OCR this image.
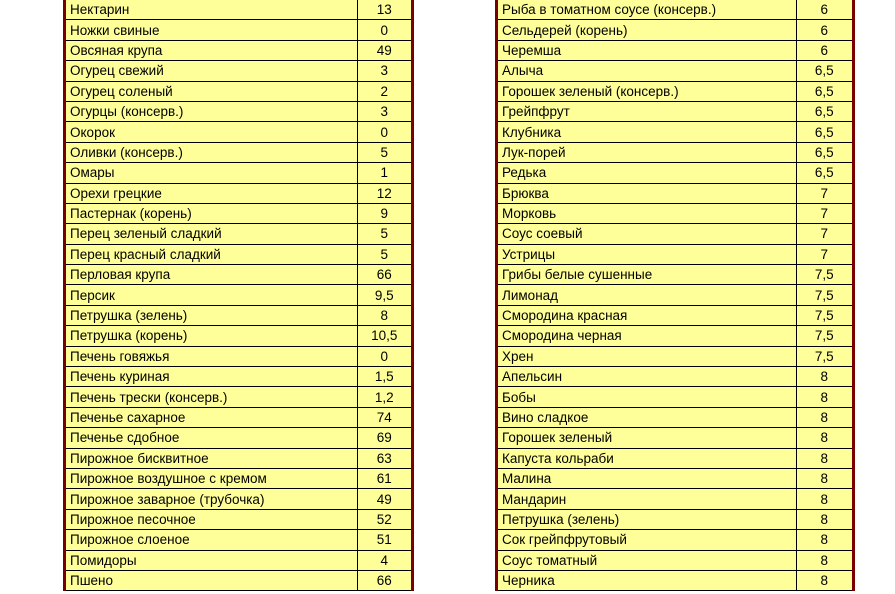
Нектарин	13
Ножки свиные	0
Овсяная крупа	49
Огурец свежий	3
Огурец соленый	2
Огурцы (консерв.)	3
Окорок	0
Оливки (консерв.)	5
Омары	1
Орехи грецкие	12
Пастернак (корень)	9
Перец зеленый сладкий	5
Перец красный сладкий	5
Перловая крупа	66
Персик	9,5
Петрушка (зелень)	8
Петрушка (корень)	10,5
Печень говяжья	0
Печень куриная	1,5
Печень трески (консерв.)	1,2
Печенье сахарное	74
Печенье сдобное	69
Пирожное бисквитное	63
Пирожное воздушное с кремом	61
Пирожное заварное (трубочка)	49
Пирожное песочное	52
Пирожное слоеное	51
Помидоры	4
Пшено	66
Рыба в томатном соусе (консерв.)	6
Сельдерей (корень)	6
Черемша	6
Алыча	6,5
Горошек зеленый (консерв.)	6,5
Грейпфрут	6,5
Клубника	6,5
Лук-порей	6,5
Редька	6,5
Брюква	7
Морковь	7
Соус соевый	7
Устрицы	7
Грибы белые сушенные	7,5
Лимонад	7,5
Смородина красная	7,5
Смородина черная	7,5
Хрен	7,5
Апельсин	8
Бобы	8
Вино сладкое	8
Горошек зеленый	8
Капуста кольраби	8
Малина	8
Мандарин	8
Петрушка (зелень)	8
Сок грейпфрутовый	8
Соус томатный	8
Черника	8
